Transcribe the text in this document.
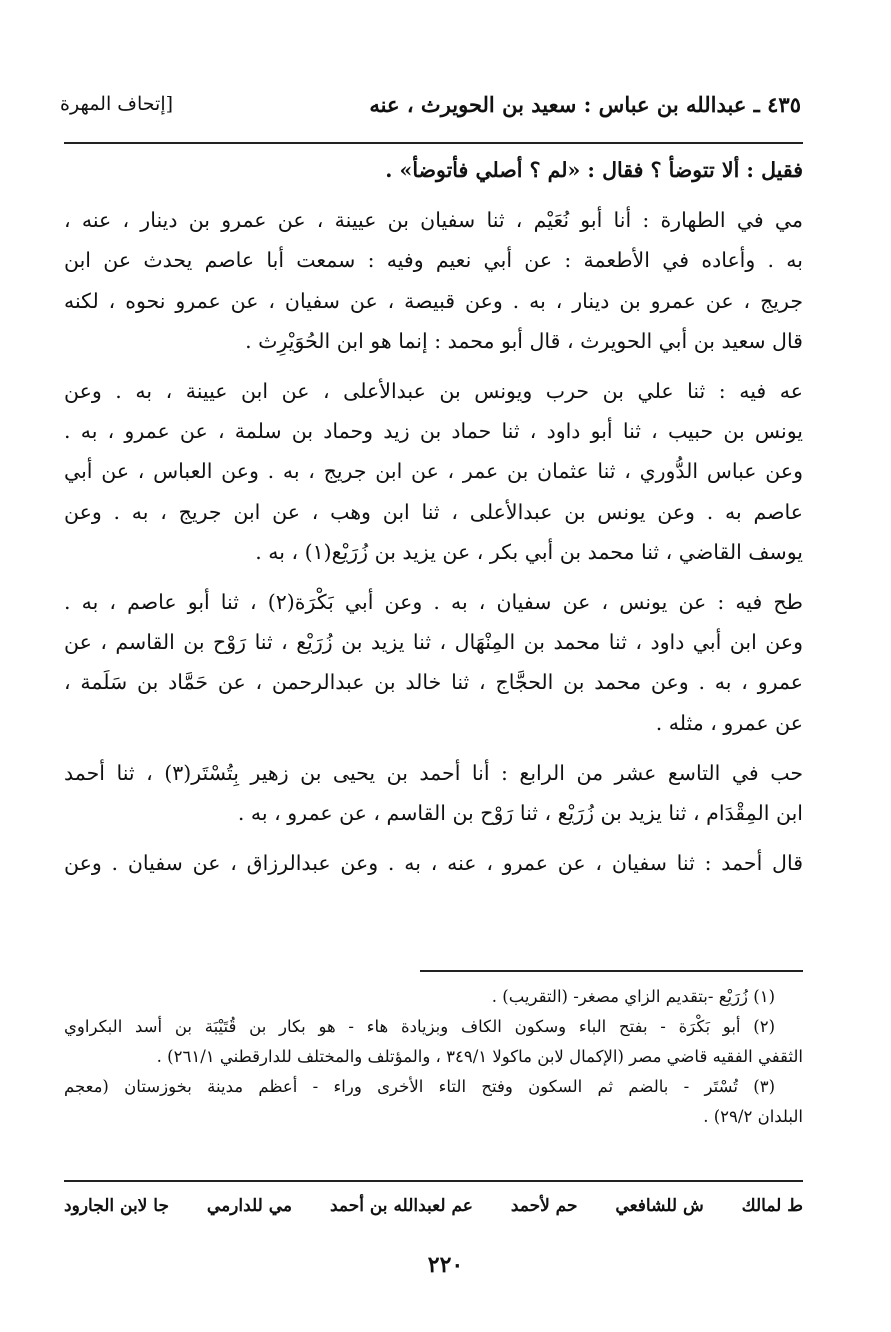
٤٣٥ ـ عبدالله بن عباس : سعيد بن الحويرث ، عنه
[إتحاف المهرة
فقيل : ألا تتوضأ ؟ فقال : «لم ؟ أصلي فأتوضأ» .
مي في الطهارة : أنا أبو نُعَيْم ، ثنا سفيان بن عيينة ، عن عمرو بن دينار ، عنه ،
به . وأعاده في الأطعمة : عن أبي نعيم وفيه : سمعت أبا عاصم يحدث عن ابن
جريج ، عن عمرو بن دينار ، به . وعن قبيصة ، عن سفيان ، عن عمرو نحوه ، لكنه
قال سعيد بن أبي الحويرث ، قال أبو محمد : إنما هو ابن الحُوَيْرِث .
عه فيه : ثنا علي بن حرب ويونس بن عبدالأعلى ، عن ابن عيينة ، به . وعن
يونس بن حبيب ، ثنا أبو داود ، ثنا حماد بن زيد وحماد بن سلمة ، عن عمرو ، به .
وعن عباس الدُّوري ، ثنا عثمان بن عمر ، عن ابن جريج ، به . وعن العباس ، عن أبي
عاصم به . وعن يونس بن عبدالأعلى ، ثنا ابن وهب ، عن ابن جريج ، به . وعن
يوسف القاضي ، ثنا محمد بن أبي بكر ، عن يزيد بن زُرَيْع(١) ، به .
طح فيه : عن يونس ، عن سفيان ، به . وعن أبي بَكْرَة(٢) ، ثنا أبو عاصم ، به .
وعن ابن أبي داود ، ثنا محمد بن المِنْهَال ، ثنا يزيد بن زُرَيْع ، ثنا رَوْح بن القاسم ، عن
عمرو ، به . وعن محمد بن الحجَّاج ، ثنا خالد بن عبدالرحمن ، عن حَمَّاد بن سَلَمة ،
عن عمرو ، مثله .
حب في التاسع عشر من الرابع : أنا أحمد بن يحيى بن زهير بِتُسْتَر(٣) ، ثنا أحمد
ابن المِقْدَام ، ثنا يزيد بن زُرَيْع ، ثنا رَوْح بن القاسم ، عن عمرو ، به .
قال أحمد : ثنا سفيان ، عن عمرو ، عنه ، به . وعن عبدالرزاق ، عن سفيان . وعن
(١) زُرَيْع -بتقديم الزاي مصغر- (التقريب) .
(٢) أبو بَكْرَة - بفتح الباء وسكون الكاف وبزيادة هاء - هو بكار بن قُتَيْبَة بن أسد البكراوي
الثقفي الفقيه قاضي مصر (الإكمال لابن ماكولا ٣٤٩/١ ، والمؤتلف والمختلف للدارقطني ٢٦١/١) .
(٣) تُسْتَر - بالضم ثم السكون وفتح التاء الأخرى وراء - أعظم مدينة بخوزستان (معجم
البلدان ٢٩/٢) .
ط لمالك
ش للشافعي
حم لأحمد
عم لعبدالله بن أحمد
مي للدارمي
جا لابن الجارود
٢٢٠
